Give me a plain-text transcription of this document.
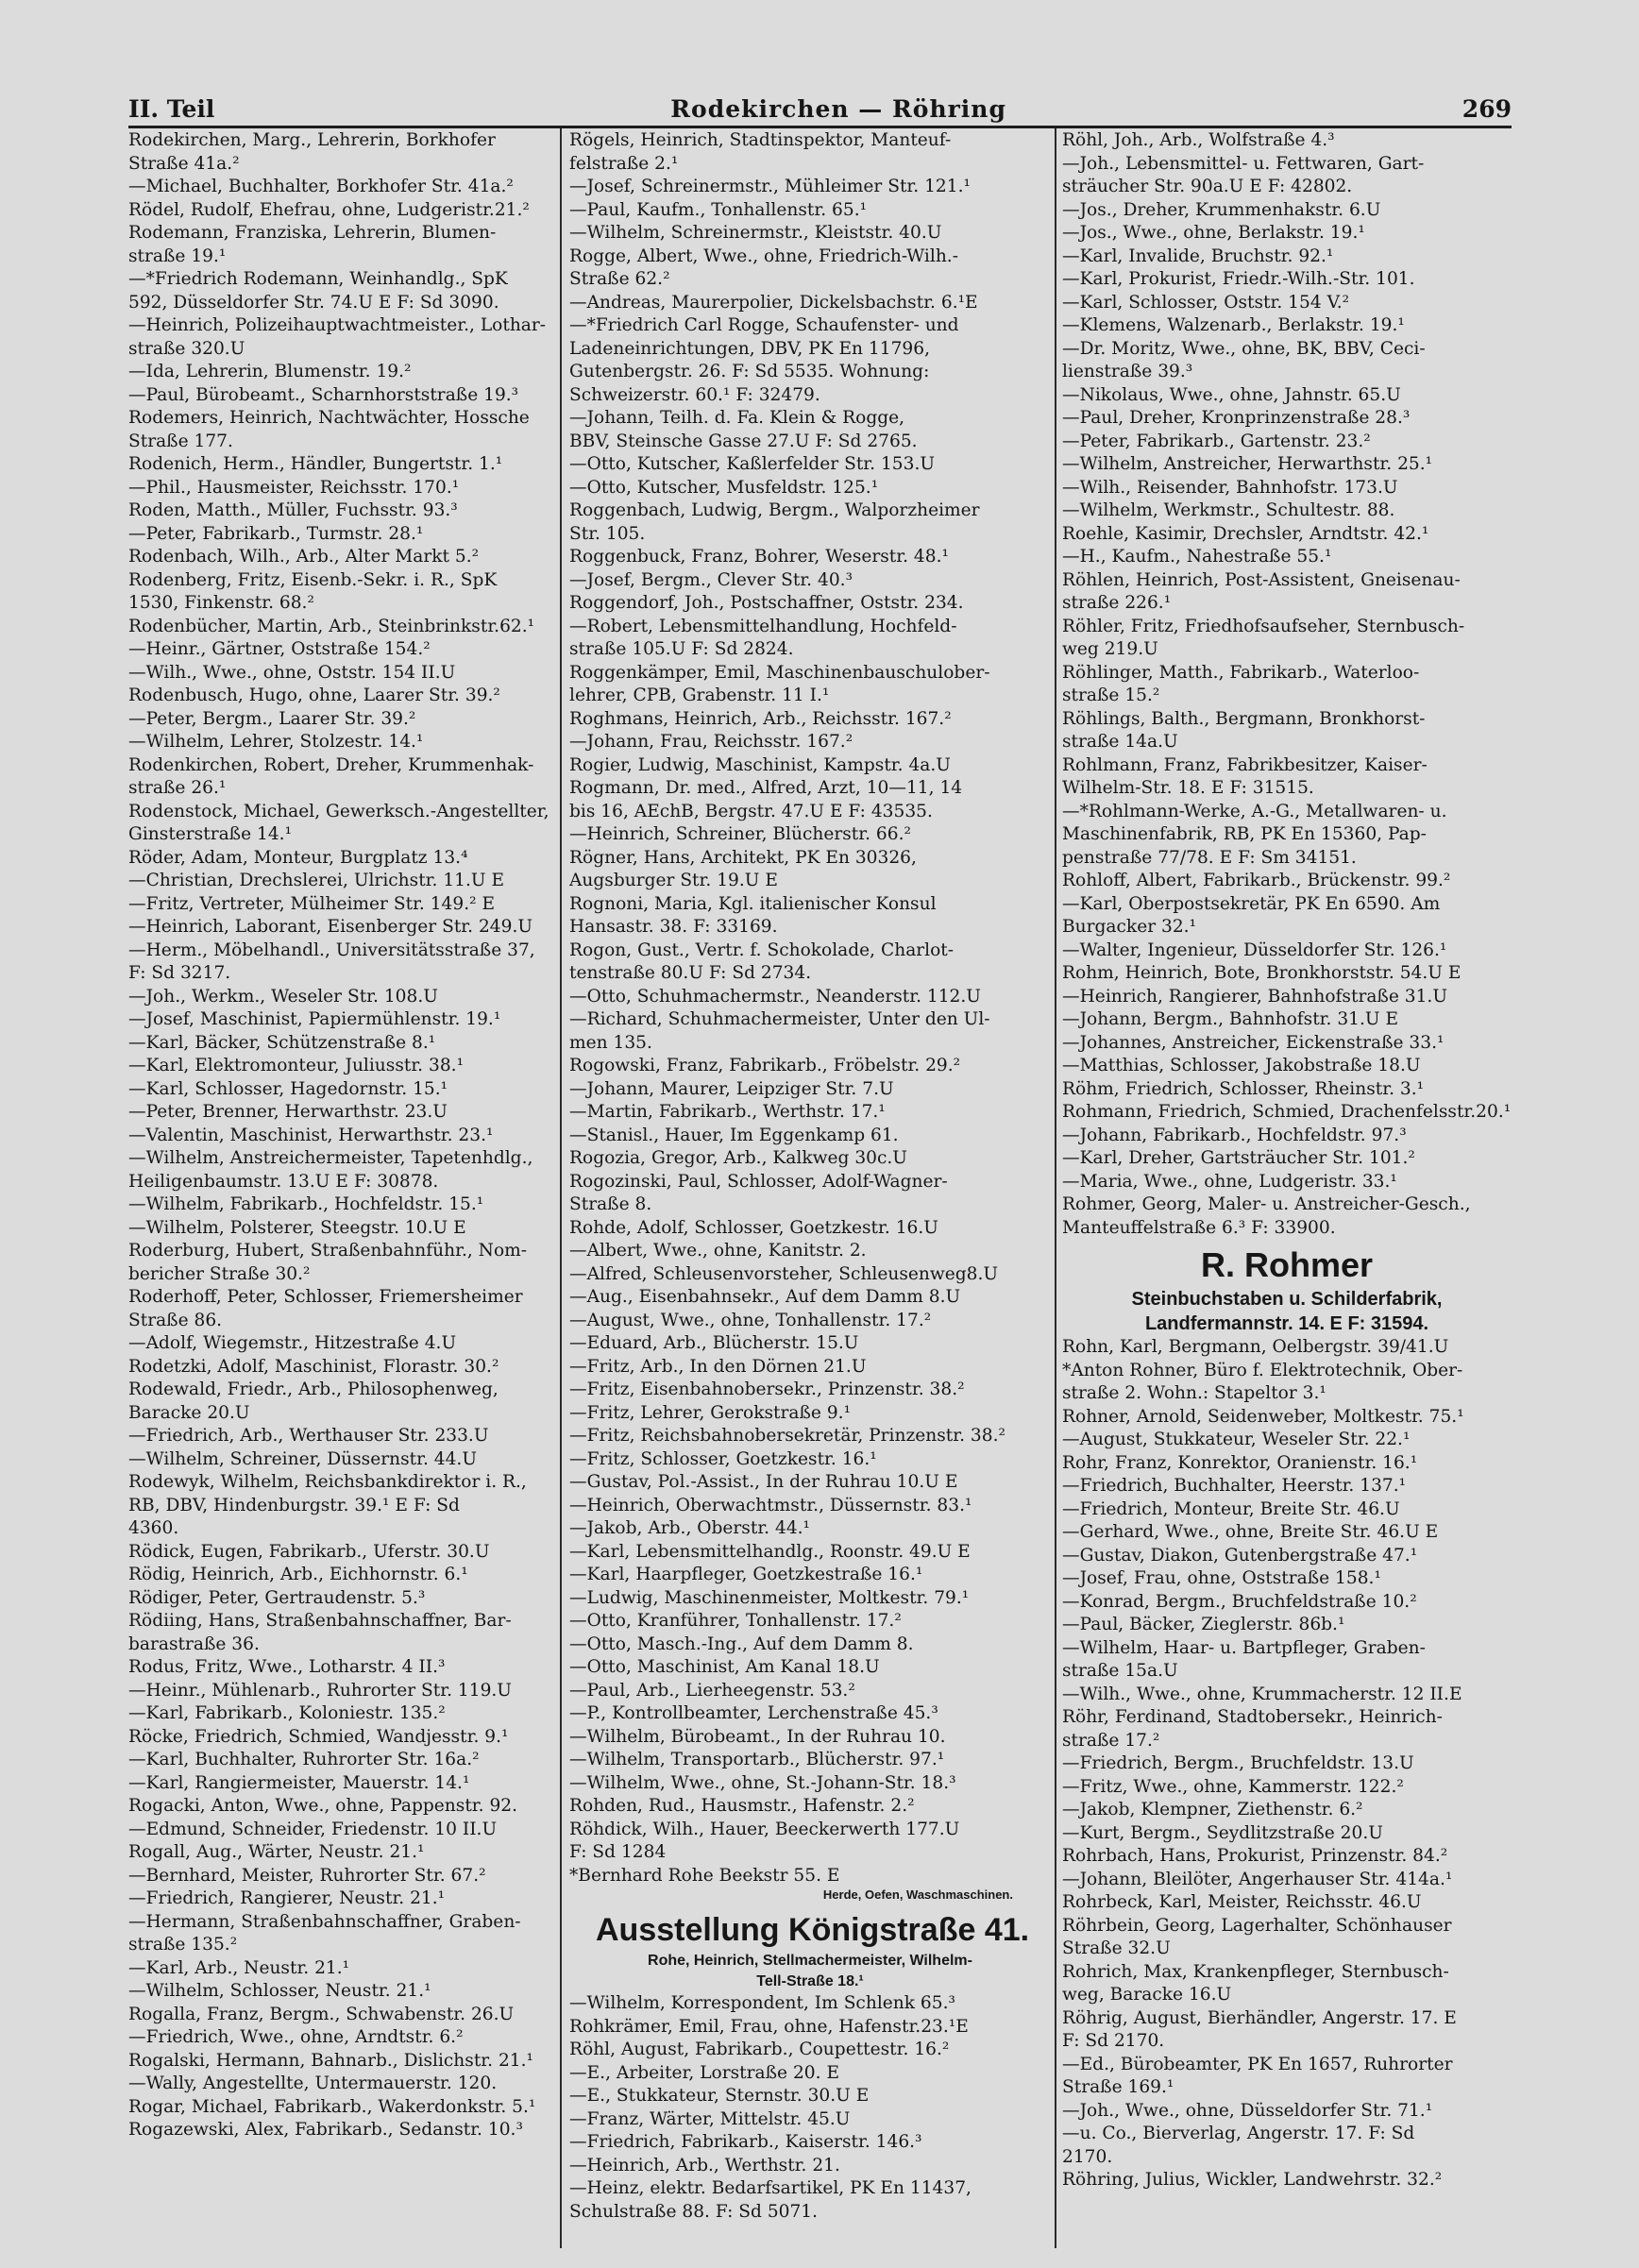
II. Teil	Rodekirchen — Röhring	269
Rodekirchen, Marg., Lehrerin, Borkhofer
Straße 41a.²
—Michael, Buchhalter, Borkhofer Str. 41a.²
Rödel, Rudolf, Ehefrau, ohne, Ludgeristr.21.²
Rodemann, Franziska, Lehrerin, Blumen-
straße 19.¹
—*Friedrich Rodemann, Weinhandlg., SpK
592, Düsseldorfer Str. 74.U E F: Sd 3090.
—Heinrich, Polizeihauptwachtmeister., Lothar-
straße 320.U
—Ida, Lehrerin, Blumenstr. 19.²
—Paul, Bürobeamt., Scharnhorststraße 19.³
Rodemers, Heinrich, Nachtwächter, Hossche
Straße 177.
Rodenich, Herm., Händler, Bungertstr. 1.¹
—Phil., Hausmeister, Reichsstr. 170.¹
Roden, Matth., Müller, Fuchsstr. 93.³
—Peter, Fabrikarb., Turmstr. 28.¹
Rodenbach, Wilh., Arb., Alter Markt 5.²
Rodenberg, Fritz, Eisenb.-Sekr. i. R., SpK
1530, Finkenstr. 68.²
Rodenbücher, Martin, Arb., Steinbrinkstr.62.¹
—Heinr., Gärtner, Oststraße 154.²
—Wilh., Wwe., ohne, Oststr. 154 II.U
Rodenbusch, Hugo, ohne, Laarer Str. 39.²
—Peter, Bergm., Laarer Str. 39.²
—Wilhelm, Lehrer, Stolzestr. 14.¹
Rodenkirchen, Robert, Dreher, Krummenhak-
straße 26.¹
Rodenstock, Michael, Gewerksch.-Angestellter,
Ginsterstraße 14.¹
Röder, Adam, Monteur, Burgplatz 13.⁴
—Christian, Drechslerei, Ulrichstr. 11.U E
—Fritz, Vertreter, Mülheimer Str. 149.² E
—Heinrich, Laborant, Eisenberger Str. 249.U
—Herm., Möbelhandl., Universitätsstraße 37,
F: Sd 3217.
—Joh., Werkm., Weseler Str. 108.U
—Josef, Maschinist, Papiermühlenstr. 19.¹
—Karl, Bäcker, Schützenstraße 8.¹
—Karl, Elektromonteur, Juliusstr. 38.¹
—Karl, Schlosser, Hagedornstr. 15.¹
—Peter, Brenner, Herwarthstr. 23.U
—Valentin, Maschinist, Herwarthstr. 23.¹
—Wilhelm, Anstreichermeister, Tapetenhdlg.,
Heiligenbaumstr. 13.U E F: 30878.
—Wilhelm, Fabrikarb., Hochfeldstr. 15.¹
—Wilhelm, Polsterer, Steegstr. 10.U E
Roderburg, Hubert, Straßenbahnführ., Nom-
bericher Straße 30.²
Roderhoff, Peter, Schlosser, Friemersheimer
Straße 86.
—Adolf, Wiegemstr., Hitzestraße 4.U
Rodetzki, Adolf, Maschinist, Florastr. 30.²
Rodewald, Friedr., Arb., Philosophenweg,
Baracke 20.U
—Friedrich, Arb., Werthauser Str. 233.U
—Wilhelm, Schreiner, Düssernstr. 44.U
Rodewyk, Wilhelm, Reichsbankdirektor i. R.,
RB, DBV, Hindenburgstr. 39.¹ E F: Sd
4360.
Rödick, Eugen, Fabrikarb., Uferstr. 30.U
Rödig, Heinrich, Arb., Eichhornstr. 6.¹
Rödiger, Peter, Gertraudenstr. 5.³
Rödiing, Hans, Straßenbahnschaffner, Bar-
barastraße 36.
Rodus, Fritz, Wwe., Lotharstr. 4 II.³
—Heinr., Mühlenarb., Ruhrorter Str. 119.U
—Karl, Fabrikarb., Koloniestr. 135.²
Röcke, Friedrich, Schmied, Wandjesstr. 9.¹
—Karl, Buchhalter, Ruhrorter Str. 16a.²
—Karl, Rangiermeister, Mauerstr. 14.¹
Rogacki, Anton, Wwe., ohne, Pappenstr. 92.
—Edmund, Schneider, Friedenstr. 10 II.U
Rogall, Aug., Wärter, Neustr. 21.¹
—Bernhard, Meister, Ruhrorter Str. 67.²
—Friedrich, Rangierer, Neustr. 21.¹
—Hermann, Straßenbahnschaffner, Graben-
straße 135.²
—Karl, Arb., Neustr. 21.¹
—Wilhelm, Schlosser, Neustr. 21.¹
Rogalla, Franz, Bergm., Schwabenstr. 26.U
—Friedrich, Wwe., ohne, Arndtstr. 6.²
Rogalski, Hermann, Bahnarb., Dislichstr. 21.¹
—Wally, Angestellte, Untermauerstr. 120.
Rogar, Michael, Fabrikarb., Wakerdonkstr. 5.¹
Rogazewski, Alex, Fabrikarb., Sedanstr. 10.³
Rögels, Heinrich, Stadtinspektor, Manteuf-
felstraße 2.¹
—Josef, Schreinermstr., Mühleimer Str. 121.¹
—Paul, Kaufm., Tonhallenstr. 65.¹
—Wilhelm, Schreinermstr., Kleiststr. 40.U
Rogge, Albert, Wwe., ohne, Friedrich-Wilh.-
Straße 62.²
—Andreas, Maurerpolier, Dickelsbachstr. 6.¹E
—*Friedrich Carl Rogge, Schaufenster- und
Ladeneinrichtungen, DBV, PK En 11796,
Gutenbergstr. 26. F: Sd 5535. Wohnung:
Schweizerstr. 60.¹ F: 32479.
—Johann, Teilh. d. Fa. Klein & Rogge,
BBV, Steinsche Gasse 27.U F: Sd 2765.
—Otto, Kutscher, Kaßlerfelder Str. 153.U
—Otto, Kutscher, Musfeldstr. 125.¹
Roggenbach, Ludwig, Bergm., Walporzheimer
Str. 105.
Roggenbuck, Franz, Bohrer, Weserstr. 48.¹
—Josef, Bergm., Clever Str. 40.³
Roggendorf, Joh., Postschaffner, Oststr. 234.
—Robert, Lebensmittelhandlung, Hochfeld-
straße 105.U F: Sd 2824.
Roggenkämper, Emil, Maschinenbauschulober-
lehrer, CPB, Grabenstr. 11 I.¹
Roghmans, Heinrich, Arb., Reichsstr. 167.²
—Johann, Frau, Reichsstr. 167.²
Rogier, Ludwig, Maschinist, Kampstr. 4a.U
Rogmann, Dr. med., Alfred, Arzt, 10—11, 14
bis 16, AEchB, Bergstr. 47.U E F: 43535.
—Heinrich, Schreiner, Blücherstr. 66.²
Rögner, Hans, Architekt, PK En 30326,
Augsburger Str. 19.U E
Rognoni, Maria, Kgl. italienischer Konsul
Hansastr. 38. F: 33169.
Rogon, Gust., Vertr. f. Schokolade, Charlot-
tenstraße 80.U F: Sd 2734.
—Otto, Schuhmachermstr., Neanderstr. 112.U
—Richard, Schuhmachermeister, Unter den Ul-
men 135.
Rogowski, Franz, Fabrikarb., Fröbelstr. 29.²
—Johann, Maurer, Leipziger Str. 7.U
—Martin, Fabrikarb., Werthstr. 17.¹
—Stanisl., Hauer, Im Eggenkamp 61.
Rogozia, Gregor, Arb., Kalkweg 30c.U
Rogozinski, Paul, Schlosser, Adolf-Wagner-
Straße 8.
Rohde, Adolf, Schlosser, Goetzkestr. 16.U
—Albert, Wwe., ohne, Kanitstr. 2.
—Alfred, Schleusenvorsteher, Schleusenweg8.U
—Aug., Eisenbahnsekr., Auf dem Damm 8.U
—August, Wwe., ohne, Tonhallenstr. 17.²
—Eduard, Arb., Blücherstr. 15.U
—Fritz, Arb., In den Dörnen 21.U
—Fritz, Eisenbahnobersekr., Prinzenstr. 38.²
—Fritz, Lehrer, Gerokstraße 9.¹
—Fritz, Reichsbahnobersekretär, Prinzenstr. 38.²
—Fritz, Schlosser, Goetzkestr. 16.¹
—Gustav, Pol.-Assist., In der Ruhrau 10.U E
—Heinrich, Oberwachtmstr., Düssernstr. 83.¹
—Jakob, Arb., Oberstr. 44.¹
—Karl, Lebensmittelhandlg., Roonstr. 49.U E
—Karl, Haarpfleger, Goetzkestraße 16.¹
—Ludwig, Maschinenmeister, Moltkestr. 79.¹
—Otto, Kranführer, Tonhallenstr. 17.²
—Otto, Masch.-Ing., Auf dem Damm 8.
—Otto, Maschinist, Am Kanal 18.U
—Paul, Arb., Lierheegenstr. 53.²
—P., Kontrollbeamter, Lerchenstraße 45.³
—Wilhelm, Bürobeamt., In der Ruhrau 10.
—Wilhelm, Transportarb., Blücherstr. 97.¹
—Wilhelm, Wwe., ohne, St.-Johann-Str. 18.³
Rohden, Rud., Hausmstr., Hafenstr. 2.²
Röhdick, Wilh., Hauer, Beeckerwerth 177.U
F: Sd 1284
*Bernhard Rohe Beekstr 55. E
Herde, Oefen, Waschmaschinen.
Ausstellung Königstraße 41.
Rohe, Heinrich, Stellmachermeister, Wilhelm-
Tell-Straße 18.¹
—Wilhelm, Korrespondent, Im Schlenk 65.³
Rohkrämer, Emil, Frau, ohne, Hafenstr.23.¹E
Röhl, August, Fabrikarb., Coupettestr. 16.²
—E., Arbeiter, Lorstraße 20. E
—E., Stukkateur, Sternstr. 30.U E
—Franz, Wärter, Mittelstr. 45.U
—Friedrich, Fabrikarb., Kaiserstr. 146.³
—Heinrich, Arb., Werthstr. 21.
—Heinz, elektr. Bedarfsartikel, PK En 11437,
Schulstraße 88. F: Sd 5071.
Röhl, Joh., Arb., Wolfstraße 4.³
—Joh., Lebensmittel- u. Fettwaren, Gart-
sträucher Str. 90a.U E F: 42802.
—Jos., Dreher, Krummenhakstr. 6.U
—Jos., Wwe., ohne, Berlakstr. 19.¹
—Karl, Invalide, Bruchstr. 92.¹
—Karl, Prokurist, Friedr.-Wilh.-Str. 101.
—Karl, Schlosser, Oststr. 154 V.²
—Klemens, Walzenarb., Berlakstr. 19.¹
—Dr. Moritz, Wwe., ohne, BK, BBV, Ceci-
lienstraße 39.³
—Nikolaus, Wwe., ohne, Jahnstr. 65.U
—Paul, Dreher, Kronprinzenstraße 28.³
—Peter, Fabrikarb., Gartenstr. 23.²
—Wilhelm, Anstreicher, Herwarthstr. 25.¹
—Wilh., Reisender, Bahnhofstr. 173.U
—Wilhelm, Werkmstr., Schultestr. 88.
Roehle, Kasimir, Drechsler, Arndtstr. 42.¹
—H., Kaufm., Nahestraße 55.¹
Röhlen, Heinrich, Post-Assistent, Gneisenau-
straße 226.¹
Röhler, Fritz, Friedhofsaufseher, Sternbusch-
weg 219.U
Röhlinger, Matth., Fabrikarb., Waterloo-
straße 15.²
Röhlings, Balth., Bergmann, Bronkhorst-
straße 14a.U
Rohlmann, Franz, Fabrikbesitzer, Kaiser-
Wilhelm-Str. 18. E F: 31515.
—*Rohlmann-Werke, A.-G., Metallwaren- u.
Maschinenfabrik, RB, PK En 15360, Pap-
penstraße 77/78. E F: Sm 34151.
Rohloff, Albert, Fabrikarb., Brückenstr. 99.²
—Karl, Oberpostsekretär, PK En 6590. Am
Burgacker 32.¹
—Walter, Ingenieur, Düsseldorfer Str. 126.¹
Rohm, Heinrich, Bote, Bronkhorststr. 54.U E
—Heinrich, Rangierer, Bahnhofstraße 31.U
—Johann, Bergm., Bahnhofstr. 31.U E
—Johannes, Anstreicher, Eickenstraße 33.¹
—Matthias, Schlosser, Jakobstraße 18.U
Röhm, Friedrich, Schlosser, Rheinstr. 3.¹
Rohmann, Friedrich, Schmied, Drachenfelsstr.20.¹
—Johann, Fabrikarb., Hochfeldstr. 97.³
—Karl, Dreher, Gartsträucher Str. 101.²
—Maria, Wwe., ohne, Ludgeristr. 33.¹
Rohmer, Georg, Maler- u. Anstreicher-Gesch.,
Manteuffelstraße 6.³ F: 33900.
R. Rohmer
Steinbuchstaben u. Schilderfabrik,
Landfermannstr. 14. E F: 31594.
Rohn, Karl, Bergmann, Oelbergstr. 39/41.U
*Anton Rohner, Büro f. Elektrotechnik, Ober-
straße 2. Wohn.: Stapeltor 3.¹
Rohner, Arnold, Seidenweber, Moltkestr. 75.¹
—August, Stukkateur, Weseler Str. 22.¹
Rohr, Franz, Konrektor, Oranienstr. 16.¹
—Friedrich, Buchhalter, Heerstr. 137.¹
—Friedrich, Monteur, Breite Str. 46.U
—Gerhard, Wwe., ohne, Breite Str. 46.U E
—Gustav, Diakon, Gutenbergstraße 47.¹
—Josef, Frau, ohne, Oststraße 158.¹
—Konrad, Bergm., Bruchfeldstraße 10.²
—Paul, Bäcker, Zieglerstr. 86b.¹
—Wilhelm, Haar- u. Bartpfleger, Graben-
straße 15a.U
—Wilh., Wwe., ohne, Krummacherstr. 12 II.E
Röhr, Ferdinand, Stadtobersekr., Heinrich-
straße 17.²
—Friedrich, Bergm., Bruchfeldstr. 13.U
—Fritz, Wwe., ohne, Kammerstr. 122.²
—Jakob, Klempner, Ziethenstr. 6.²
—Kurt, Bergm., Seydlitzstraße 20.U
Rohrbach, Hans, Prokurist, Prinzenstr. 84.²
—Johann, Bleilöter, Angerhauser Str. 414a.¹
Rohrbeck, Karl, Meister, Reichsstr. 46.U
Röhrbein, Georg, Lagerhalter, Schönhauser
Straße 32.U
Rohrich, Max, Krankenpfleger, Sternbusch-
weg, Baracke 16.U
Röhrig, August, Bierhändler, Angerstr. 17. E
F: Sd 2170.
—Ed., Bürobeamter, PK En 1657, Ruhrorter
Straße 169.¹
—Joh., Wwe., ohne, Düsseldorfer Str. 71.¹
—u. Co., Bierverlag, Angerstr. 17. F: Sd
2170.
Röhring, Julius, Wickler, Landwehrstr. 32.²
